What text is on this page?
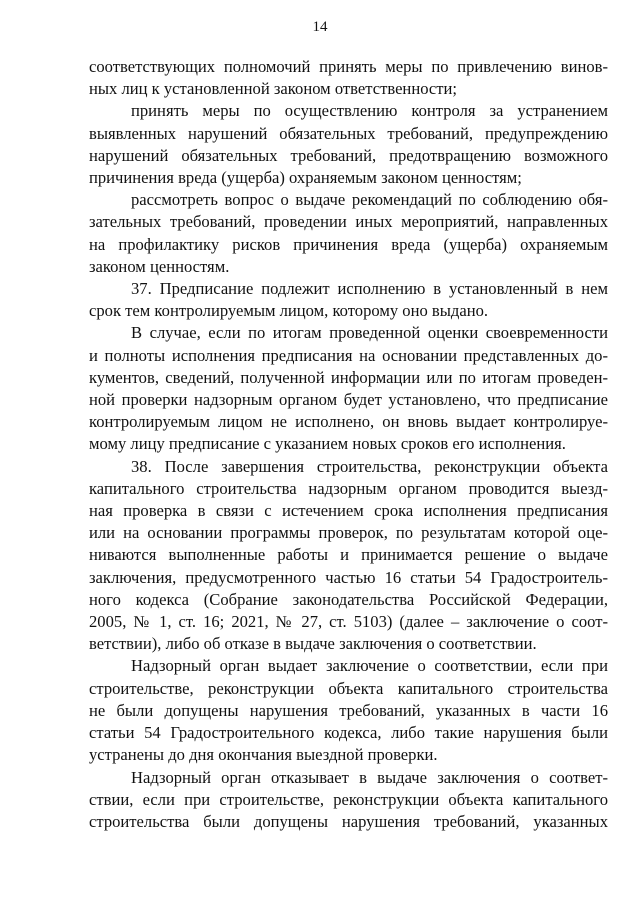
14
соответствующих полномочий принять меры по привлечению винов-
ных лиц к установленной законом ответственности;
принять меры по осуществлению контроля за устранением
выявленных нарушений обязательных требований, предупреждению
нарушений обязательных требований, предотвращению возможного
причинения вреда (ущерба) охраняемым законом ценностям;
рассмотреть вопрос о выдаче рекомендаций по соблюдению обя-
зательных требований, проведении иных мероприятий, направленных
на профилактику рисков причинения вреда (ущерба) охраняемым
законом ценностям.
37. Предписание подлежит исполнению в установленный в нем
срок тем контролируемым лицом, которому оно выдано.
В случае, если по итогам проведенной оценки своевременности
и полноты исполнения предписания на основании представленных до-
кументов, сведений, полученной информации или по итогам проведен-
ной проверки надзорным органом будет установлено, что предписание
контролируемым лицом не исполнено, он вновь выдает контролируе-
мому лицу предписание с указанием новых сроков его исполнения.
38. После завершения строительства, реконструкции объекта
капитального строительства надзорным органом проводится выезд-
ная проверка в связи с истечением срока исполнения предписания
или на основании программы проверок, по результатам которой оце-
ниваются выполненные работы и принимается решение о выдаче
заключения, предусмотренного частью 16 статьи 54 Градостроитель-
ного кодекса (Собрание законодательства Российской Федерации,
2005, № 1, ст. 16; 2021, № 27, ст. 5103) (далее – заключение о соот-
ветствии), либо об отказе в выдаче заключения о соответствии.
Надзорный орган выдает заключение о соответствии, если при
строительстве, реконструкции объекта капитального строительства
не были допущены нарушения требований, указанных в части 16
статьи 54 Градостроительного кодекса, либо такие нарушения были
устранены до дня окончания выездной проверки.
Надзорный орган отказывает в выдаче заключения о соответ-
ствии, если при строительстве, реконструкции объекта капитального
строительства были допущены нарушения требований, указанных
